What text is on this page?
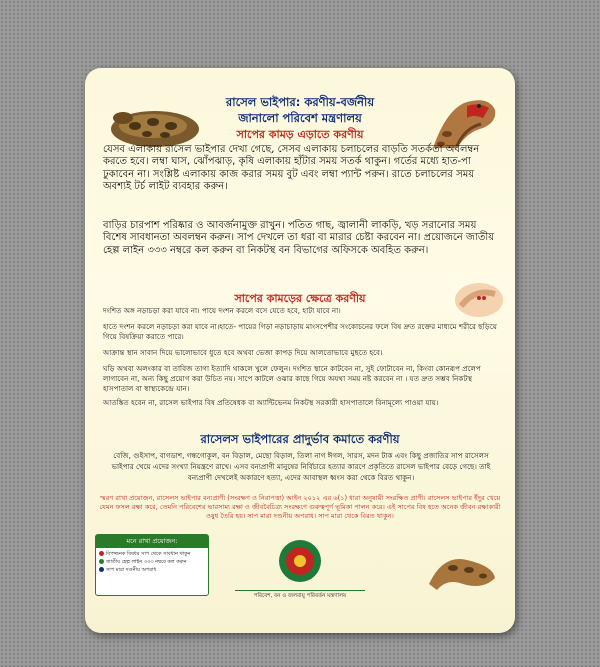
রাসেল ভাইপার: করণীয়-বর্জনীয়
জানালো পরিবেশ মন্ত্রণালয়
সাপের কামড় এড়াতে করণীয়
যেসব এলাকায় রাসেল ভাইপার দেখা গেছে, সেসব এলাকায় চলাচলের বাড়তি সতর্কতা অবলম্বন করতে হবে। লম্বা ঘাস, ঝোঁপঝাড়, কৃষি এলাকায় হাঁটার সময় সতর্ক থাকুন। গর্তের মধ্যে হাত-পা ঢুকাবেন না। সংশ্লিষ্ট এলাকায় কাজ করার সময় বুট এবং লম্বা প্যান্ট পরুন। রাতে চলাচলের সময় অবশ্যই টর্চ লাইট ব্যবহার করুন।
বাড়ির চারপাশ পরিষ্কার ও আবর্জনামুক্ত রাখুন। পতিত গাছ, জ্বালানী লাকড়ি, খড় সরানোর সময় বিশেষ সাবধানতা অবলম্বন করুন। সাপ দেখলে তা ধরা বা মারার চেষ্টা করবেন না। প্রয়োজনে জাতীয় হেল্প লাইন ৩৩৩ নম্বরে কল করুন বা নিকটস্থ বন বিভাগের অফিসকে অবহিত করুন।
সাপের কামড়ের ক্ষেত্রে করণীয়
দংশিত অঙ্গ নড়াচড়া করা যাবে না। পায়ে দংশন করলে বসে যেতে হবে, হাটা যাবে না।
হাতে দংশন করলে নড়াচড়া করা যাবে না।হাতে- পায়ের গিড়া নড়াচাড়ায় মাংসপেশীর সংকোচনের ফলে বিষ দ্রুত রক্তের মাধ্যমে শরীরে ছড়িয়ে গিয়ে বিষক্রিয়া করাতে পারে।
আক্রান্ত স্থান সাবান দিয়ে ভালোভাবে ধুতে হবে অথবা ভেজা কাপড় দিয়ে আলতোভাবে মুছতে হবে।
ঘড়ি অথবা অলংকার বা তাবিজ তাগা ইত্যাদি থাকলে খুলে ফেলুন। দংশিত স্থানে কাটবেন না, সুই ফোটাবেন না, কিংবা কোনরূপ প্রলেপ লাগাবেন না, অন্য কিছু প্রয়োগ করা উচিত নয়। সাপে কাটলে ওঝার কাছে গিয়ে অযথা সময় নষ্ট করবেন না । যত দ্রুত সম্ভব নিকটস্থ হাসপাতাল বা স্বাস্থ্যকেন্দ্রে যান।
আতঙ্কিত হবেন না, রাসেল ভাইপার বিষ প্রতিষেধক বা অ্যান্টিভেনম নিকটস্থ সরকারী হাসপাতালে বিনামূল্যে পাওয়া যায়।
রাসেলস ভাইপারের প্রাদুর্ভাব কমাতে করণীয়
বেজি, গুইসাপ, বাগডাশ, গন্ধগোকুল, বন বিড়াল, মেছো বিড়াল, তিলা নাগ ঈগল, সারস, মদন টাক এবং কিছু প্রজাতির সাপ রাসেলস ভাইপার খেয়ে এদের সংখ্যা নিয়ন্ত্রণে রাখে। এসব বন্যপ্রাণী মানুষের নির্বিচারে হত্যার কারণে প্রকৃতিতে রাসেল ভাইপার বেড়ে গেছে। তাই বন্যপ্রাণী দেখলেই অকারণে হত্যা, এদের আবাস্থল ধ্বংস করা থেকে বিরত থাকুন।
স্মরণ রাখা প্রয়োজন, রাসেলস ভাইপার বন্যপ্রাণী (সংরক্ষণ ও নিরাপত্তা) আইন ২০১২ এর ৬(১) ধারা অনুযায়ী সংরক্ষিত প্রাণী। রাসেলস ভাইপার ইঁদুর খেয়ে যেমন ফসল রক্ষা করে, তেমনি পরিবেশের ভারসাম্য রক্ষা ও জীববৈচিত্র্য সংরক্ষণে গুরুত্বপূর্ণ ভূমিকা পালন করে। এই সাপের বিষ হতে অনেক জীবন রক্ষাকারী ওষুধ তৈরি হয়। সাপ মারা দণ্ডনীয় অপরাধ। সাপ মারা থেকে বিরত থাকুন।
মনে রাখা প্রয়োজন:
বিপজ্জনক বিষধর সাপ থেকে সাবধান থাকুন
জাতীয় হেল্প লাইন ৩৩৩ নম্বরে কল করুন
সাপ মারা দণ্ডনীয় অপরাধ
পরিবেশ, বন ও জলবায়ু পরিবর্তন মন্ত্রণালয়
